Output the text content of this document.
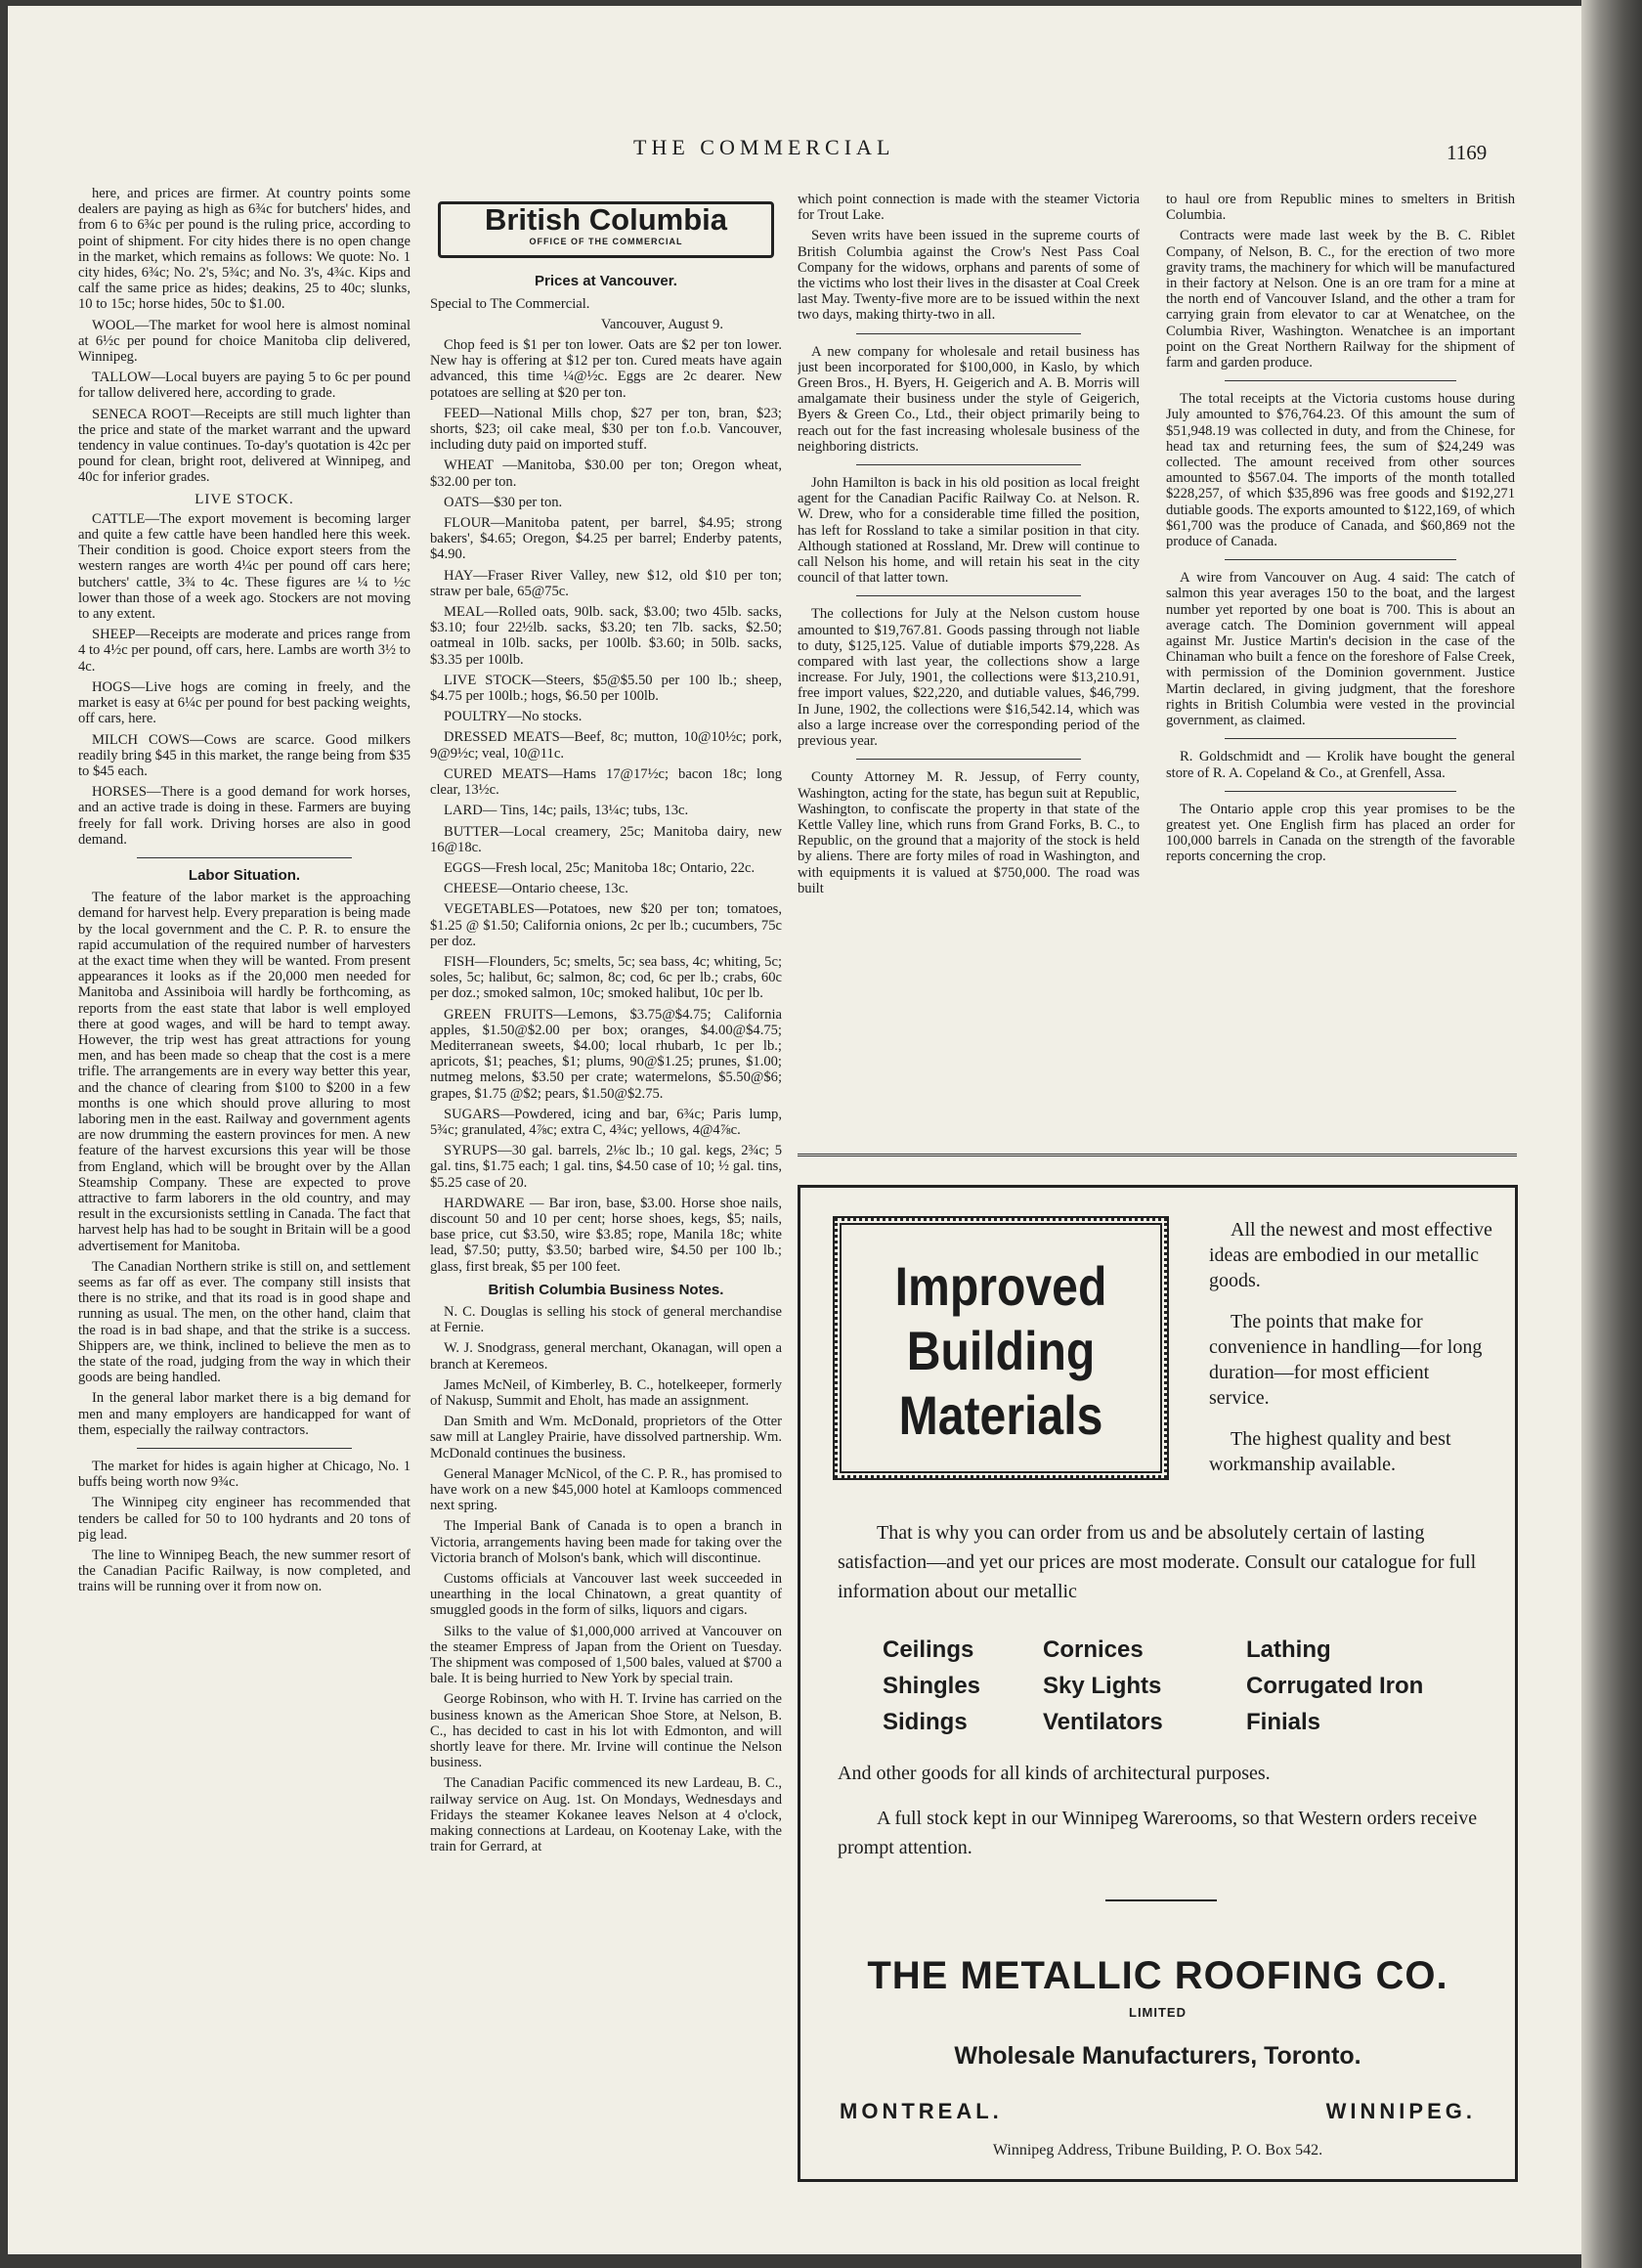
THE COMMERCIAL	1169

here, and prices are firmer. At country points some dealers are paying as high as 6¾c for butchers' hides, and from 6 to 6¾c per pound is the ruling price, according to point of shipment. For city hides there is no open change in the market, which remains as follows: We quote: No. 1 city hides, 6¾c; No. 2's, 5¾c; and No. 3's, 4¾c. Kips and calf the same price as hides; deakins, 25 to 40c; slunks, 10 to 15c; horse hides, 50c to $1.00.

WOOL—The market for wool here is almost nominal at 6½c per pound for choice Manitoba clip delivered, Winnipeg.

TALLOW—Local buyers are paying 5 to 6c per pound for tallow delivered here, according to grade.

SENECA ROOT—Receipts are still much lighter than the price and state of the market warrant and the upward tendency in value continues. To-day's quotation is 42c per pound for clean, bright root, delivered at Winnipeg, and 40c for inferior grades.

LIVE STOCK.

CATTLE—The export movement is becoming larger and quite a few cattle have been handled here this week. Their condition is good. Choice export steers from the western ranges are worth 4¼c per pound off cars here; butchers' cattle, 3¾ to 4c. These figures are ¼ to ½c lower than those of a week ago. Stockers are not moving to any extent.

SHEEP—Receipts are moderate and prices range from 4 to 4½c per pound, off cars, here. Lambs are worth 3½ to 4c.

HOGS—Live hogs are coming in freely, and the market is easy at 6¼c per pound for best packing weights, off cars, here.

MILCH COWS—Cows are scarce. Good milkers readily bring $45 in this market, the range being from $35 to $45 each.

HORSES—There is a good demand for work horses, and an active trade is doing in these. Farmers are buying freely for fall work. Driving horses are also in good demand.

Labor Situation.

The feature of the labor market is the approaching demand for harvest help. Every preparation is being made by the local government and the C. P. R. to ensure the rapid accumulation of the required number of harvesters at the exact time when they will be wanted. From present appearances it looks as if the 20,000 men needed for Manitoba and Assiniboia will hardly be forthcoming, as reports from the east state that labor is well employed there at good wages, and will be hard to tempt away. However, the trip west has great attractions for young men, and has been made so cheap that the cost is a mere trifle. The arrangements are in every way better this year, and the chance of clearing from $100 to $200 in a few months is one which should prove alluring to most laboring men in the east. Railway and government agents are now drumming the eastern provinces for men. A new feature of the harvest excursions this year will be those from England, which will be brought over by the Allan Steamship Company. These are expected to prove attractive to farm laborers in the old country, and may result in the excursionists settling in Canada. The fact that harvest help has had to be sought in Britain will be a good advertisement for Manitoba.

The Canadian Northern strike is still on, and settlement seems as far off as ever. The company still insists that there is no strike, and that its road is in good shape and running as usual. The men, on the other hand, claim that the road is in bad shape, and that the strike is a success. Shippers are, we think, inclined to believe the men as to the state of the road, judging from the way in which their goods are being handled.

In the general labor market there is a big demand for men and many employers are handicapped for want of them, especially the railway contractors.

The market for hides is again higher at Chicago, No. 1 buffs being worth now 9¾c.

The Winnipeg city engineer has recommended that tenders be called for 50 to 100 hydrants and 20 tons of pig lead.

The line to Winnipeg Beach, the new summer resort of the Canadian Pacific Railway, is now completed, and trains will be running over it from now on.

British Columbia
OFFICE OF THE COMMERCIAL
Prices at Vancouver.

Special to The Commercial.

Vancouver, August 9.

Chop feed is $1 per ton lower. Oats are $2 per ton lower. New hay is offering at $12 per ton. Cured meats have again advanced, this time ¼@½c. Eggs are 2c dearer. New potatoes are selling at $20 per ton.

FEED—National Mills chop, $27 per ton, bran, $23; shorts, $23; oil cake meal, $30 per ton f.o.b. Vancouver, including duty paid on imported stuff.

WHEAT —Manitoba, $30.00 per ton; Oregon wheat, $32.00 per ton.

OATS—$30 per ton.

FLOUR—Manitoba patent, per barrel, $4.95; strong bakers', $4.65; Oregon, $4.25 per barrel; Enderby patents, $4.90.

HAY—Fraser River Valley, new $12, old $10 per ton; straw per bale, 65@75c.

MEAL—Rolled oats, 90lb. sack, $3.00; two 45lb. sacks, $3.10; four 22½lb. sacks, $3.20; ten 7lb. sacks, $2.50; oatmeal in 10lb. sacks, per 100lb. $3.60; in 50lb. sacks, $3.35 per 100lb.

LIVE STOCK—Steers, $5@$5.50 per 100 lb.; sheep, $4.75 per 100lb.; hogs, $6.50 per 100lb.

POULTRY—No stocks.

DRESSED MEATS—Beef, 8c; mutton, 10@10½c; pork, 9@9½c; veal, 10@11c.

CURED MEATS—Hams 17@17½c; bacon 18c; long clear, 13½c.

LARD— Tins, 14c; pails, 13¼c; tubs, 13c.

BUTTER—Local creamery, 25c; Manitoba dairy, new 16@18c.

EGGS—Fresh local, 25c; Manitoba 18c; Ontario, 22c.

CHEESE—Ontario cheese, 13c.

VEGETABLES—Potatoes, new $20 per ton; tomatoes, $1.25 @ $1.50; California onions, 2c per lb.; cucumbers, 75c per doz.

FISH—Flounders, 5c; smelts, 5c; sea bass, 4c; whiting, 5c; soles, 5c; halibut, 6c; salmon, 8c; cod, 6c per lb.; crabs, 60c per doz.; smoked salmon, 10c; smoked halibut, 10c per lb.

GREEN FRUITS—Lemons, $3.75@$4.75; California apples, $1.50@$2.00 per box; oranges, $4.00@$4.75; Mediterranean sweets, $4.00; local rhubarb, 1c per lb.; apricots, $1; peaches, $1; plums, 90@$1.25; prunes, $1.00; nutmeg melons, $3.50 per crate; watermelons, $5.50@$6; grapes, $1.75 @$2; pears, $1.50@$2.75.

SUGARS—Powdered, icing and bar, 6¾c; Paris lump, 5¾c; granulated, 4⅞c; extra C, 4¾c; yellows, 4@4⅞c.

SYRUPS—30 gal. barrels, 2⅛c lb.; 10 gal. kegs, 2¾c; 5 gal. tins, $1.75 each; 1 gal. tins, $4.50 case of 10; ½ gal. tins, $5.25 case of 20.

HARDWARE — Bar iron, base, $3.00. Horse shoe nails, discount 50 and 10 per cent; horse shoes, kegs, $5; nails, base price, cut $3.50, wire $3.85; rope, Manila 18c; white lead, $7.50; putty, $3.50; barbed wire, $4.50 per 100 lb.; glass, first break, $5 per 100 feet.

British Columbia Business Notes.

N. C. Douglas is selling his stock of general merchandise at Fernie.

W. J. Snodgrass, general merchant, Okanagan, will open a branch at Keremeos.

James McNeil, of Kimberley, B. C., hotelkeeper, formerly of Nakusp, Summit and Eholt, has made an assignment.

Dan Smith and Wm. McDonald, proprietors of the Otter saw mill at Langley Prairie, have dissolved partnership. Wm. McDonald continues the business.

General Manager McNicol, of the C. P. R., has promised to have work on a new $45,000 hotel at Kamloops commenced next spring.

The Imperial Bank of Canada is to open a branch in Victoria, arrangements having been made for taking over the Victoria branch of Molson's bank, which will discontinue.

Customs officials at Vancouver last week succeeded in unearthing in the local Chinatown, a great quantity of smuggled goods in the form of silks, liquors and cigars.

Silks to the value of $1,000,000 arrived at Vancouver on the steamer Empress of Japan from the Orient on Tuesday. The shipment was composed of 1,500 bales, valued at $700 a bale. It is being hurried to New York by special train.

George Robinson, who with H. T. Irvine has carried on the business known as the American Shoe Store, at Nelson, B. C., has decided to cast in his lot with Edmonton, and will shortly leave for there. Mr. Irvine will continue the Nelson business.

The Canadian Pacific commenced its new Lardeau, B. C., railway service on Aug. 1st. On Mondays, Wednesdays and Fridays the steamer Kokanee leaves Nelson at 4 o'clock, making connections at Lardeau, on Kootenay Lake, with the train for Gerrard, at

which point connection is made with the steamer Victoria for Trout Lake.

Seven writs have been issued in the supreme courts of British Columbia against the Crow's Nest Pass Coal Company for the widows, orphans and parents of some of the victims who lost their lives in the disaster at Coal Creek last May. Twenty-five more are to be issued within the next two days, making thirty-two in all.

A new company for wholesale and retail business has just been incorporated for $100,000, in Kaslo, by which Green Bros., H. Byers, H. Geigerich and A. B. Morris will amalgamate their business under the style of Geigerich, Byers & Green Co., Ltd., their object primarily being to reach out for the fast increasing wholesale business of the neighboring districts.

John Hamilton is back in his old position as local freight agent for the Canadian Pacific Railway Co. at Nelson. R. W. Drew, who for a considerable time filled the position, has left for Rossland to take a similar position in that city. Although stationed at Rossland, Mr. Drew will continue to call Nelson his home, and will retain his seat in the city council of that latter town.

The collections for July at the Nelson custom house amounted to $19,767.81. Goods passing through not liable to duty, $125,125. Value of dutiable imports $79,228. As compared with last year, the collections show a large increase. For July, 1901, the collections were $13,210.91, free import values, $22,220, and dutiable values, $46,799. In June, 1902, the collections were $16,542.14, which was also a large increase over the corresponding period of the previous year.

County Attorney M. R. Jessup, of Ferry county, Washington, acting for the state, has begun suit at Republic, Washington, to confiscate the property in that state of the Kettle Valley line, which runs from Grand Forks, B. C., to Republic, on the ground that a majority of the stock is held by aliens. There are forty miles of road in Washington, and with equipments it is valued at $750,000. The road was built

to haul ore from Republic mines to smelters in British Columbia.

Contracts were made last week by the B. C. Riblet Company, of Nelson, B. C., for the erection of two more gravity trams, the machinery for which will be manufactured in their factory at Nelson. One is an ore tram for a mine at the north end of Vancouver Island, and the other a tram for carrying grain from elevator to car at Wenatchee, on the Columbia River, Washington. Wenatchee is an important point on the Great Northern Railway for the shipment of farm and garden produce.

The total receipts at the Victoria customs house during July amounted to $76,764.23. Of this amount the sum of $51,948.19 was collected in duty, and from the Chinese, for head tax and returning fees, the sum of $24,249 was collected. The amount received from other sources amounted to $567.04. The imports of the month totalled $228,257, of which $35,896 was free goods and $192,271 dutiable goods. The exports amounted to $122,169, of which $61,700 was the produce of Canada, and $60,869 not the produce of Canada.

A wire from Vancouver on Aug. 4 said: The catch of salmon this year averages 150 to the boat, and the largest number yet reported by one boat is 700. This is about an average catch. The Dominion government will appeal against Mr. Justice Martin's decision in the case of the Chinaman who built a fence on the foreshore of False Creek, with permission of the Dominion government. Justice Martin declared, in giving judgment, that the foreshore rights in British Columbia were vested in the provincial government, as claimed.

R. Goldschmidt and — Krolik have bought the general store of R. A. Copeland & Co., at Grenfell, Assa.

The Ontario apple crop this year promises to be the greatest yet. One English firm has placed an order for 100,000 barrels in Canada on the strength of the favorable reports concerning the crop.

Improved
Building
Materials

All the newest and most effective ideas are embodied in our metallic goods.

The points that make for convenience in handling—for long duration—for most efficient service.

The highest quality and best workmanship available.

That is why you can order from us and be absolutely certain of lasting satisfaction—and yet our prices are most moderate. Consult our catalogue for full information about our metallic

Ceilings	Cornices	Lathing
Shingles	Sky Lights	Corrugated Iron
Sidings	Ventilators	Finials

And other goods for all kinds of architectural purposes.

A full stock kept in our Winnipeg Warerooms, so that Western orders receive prompt attention.

THE METALLIC ROOFING CO.
LIMITED
Wholesale Manufacturers, Toronto.
MONTREAL.	WINNIPEG.
Winnipeg Address, Tribune Building, P. O. Box 542.
